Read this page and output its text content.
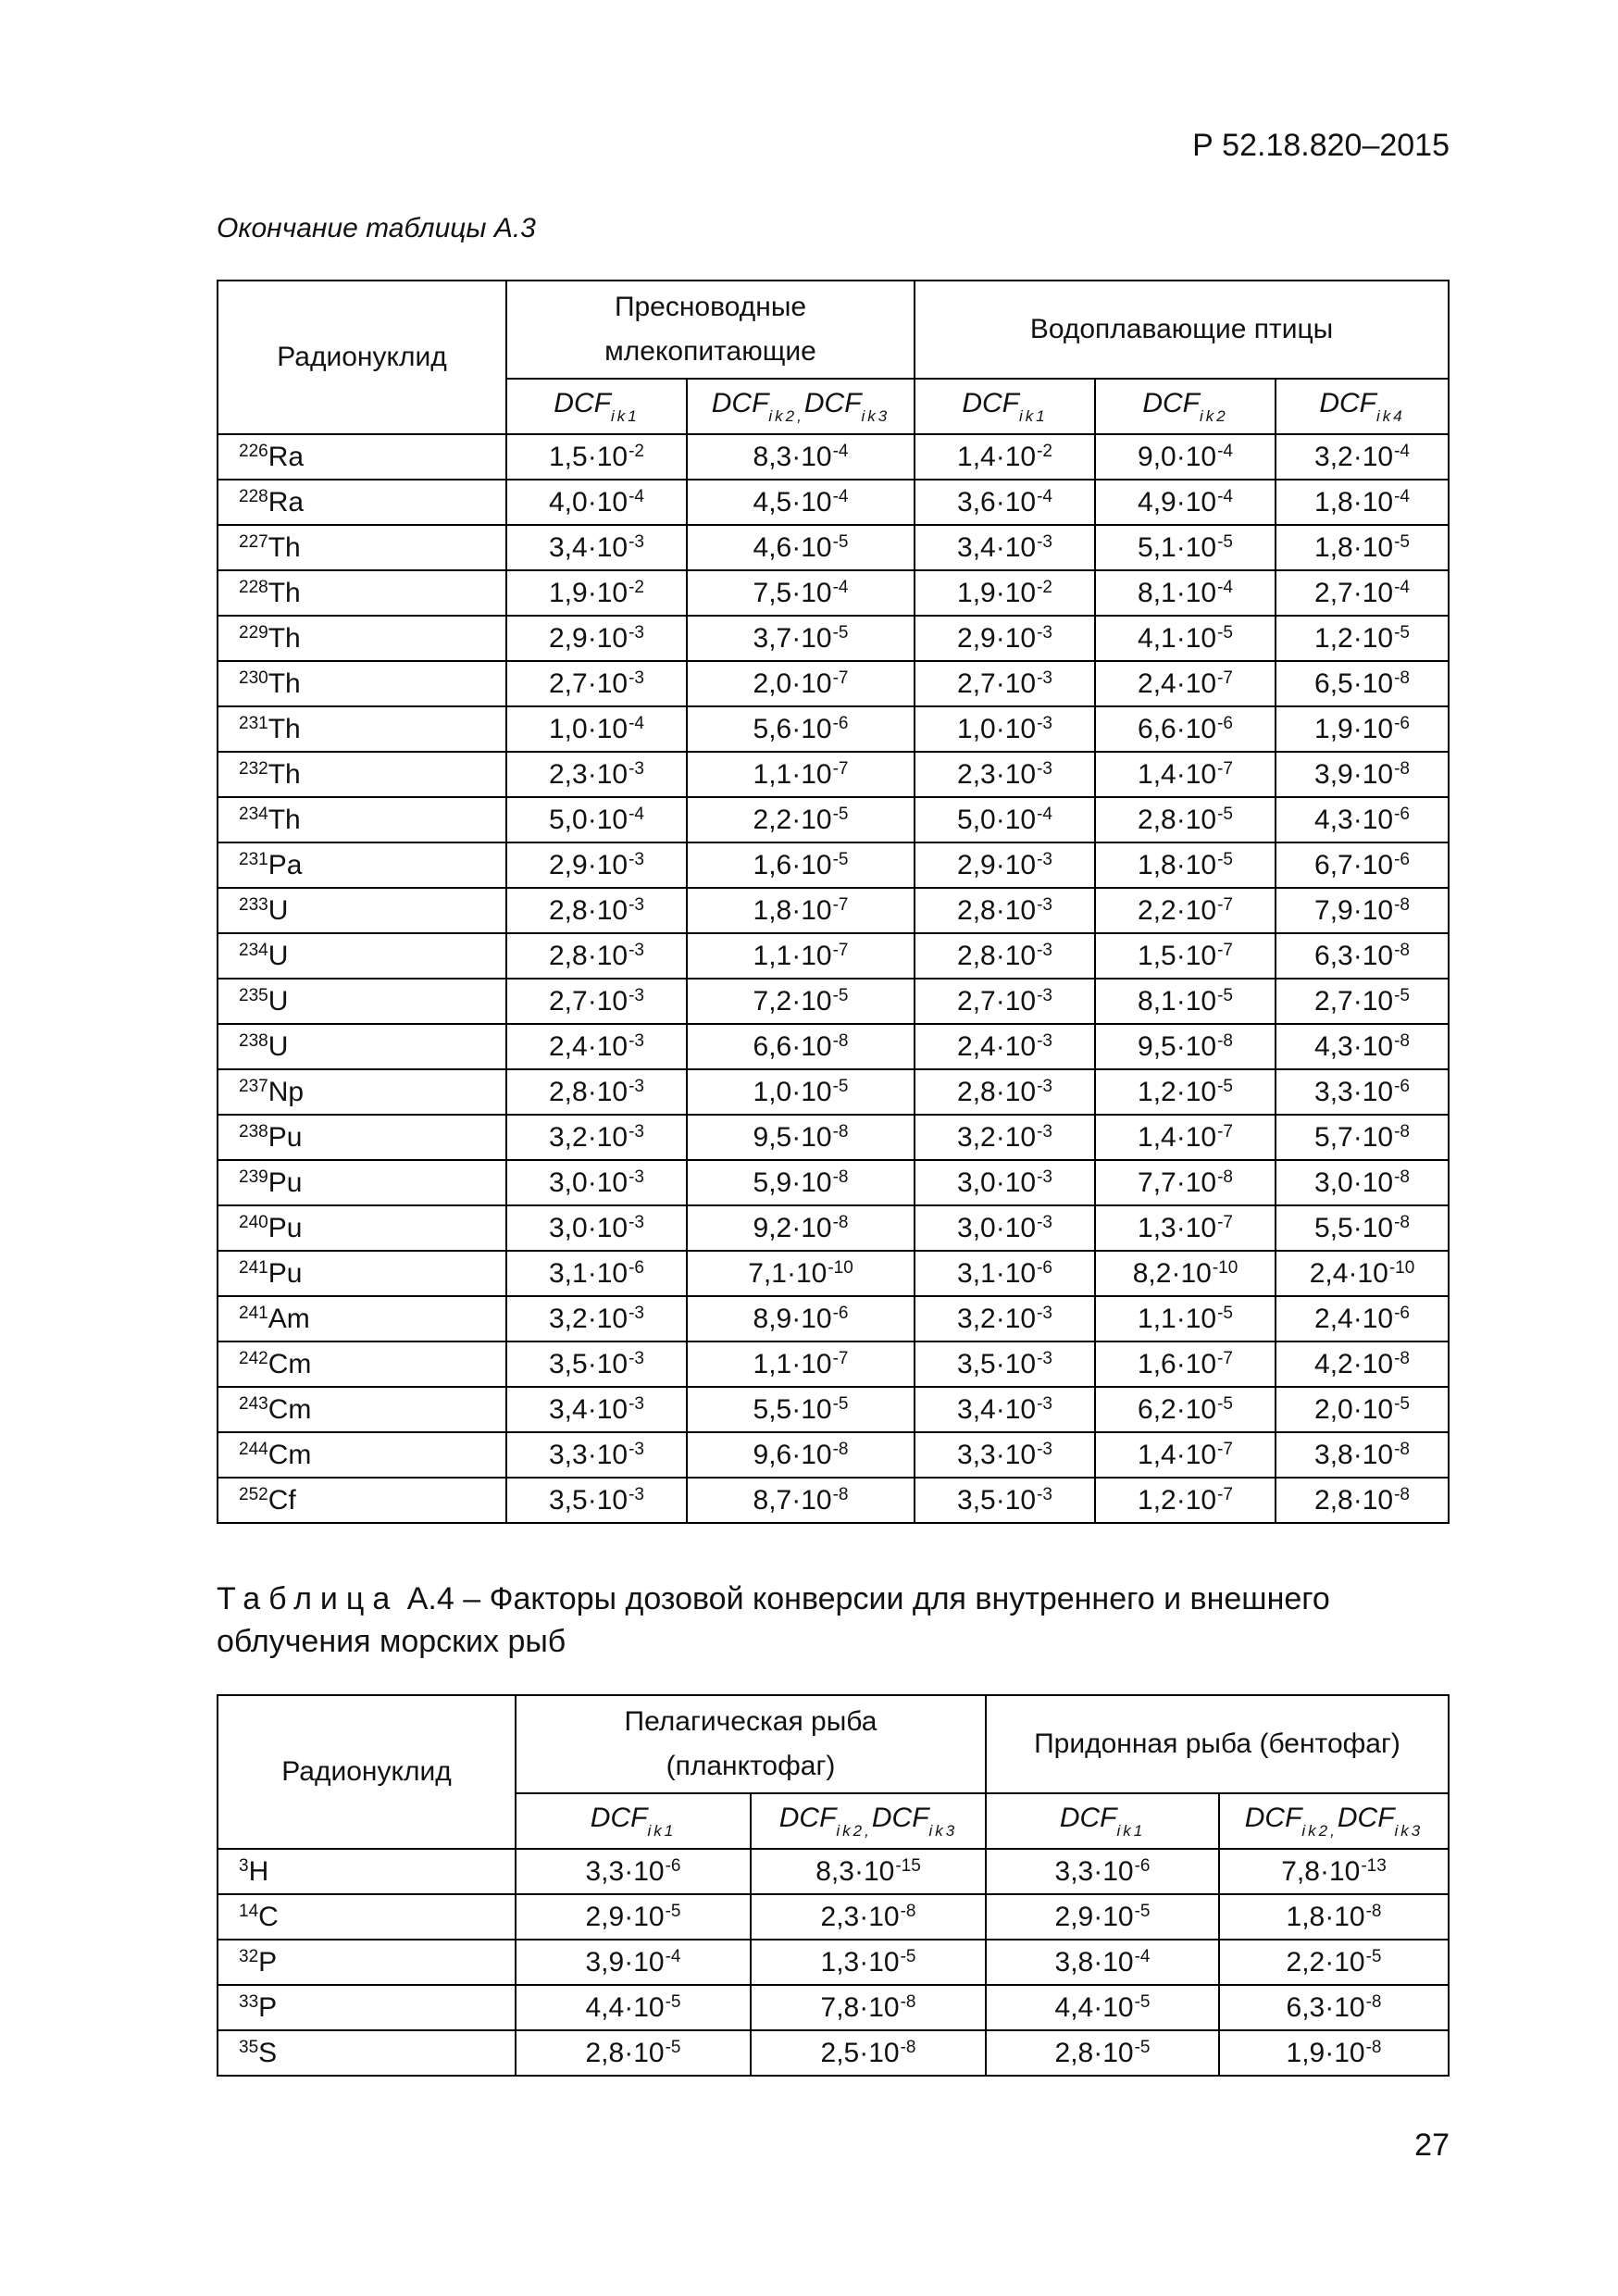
Р 52.18.820–2015
Окончание таблицы А.3
Радионуклид	Пресноводные млекопитающие		Водоплавающие птицы		
	$DCF_{ik1}$	$DCF_{ik2,}DCF_{ik3}$	$DCF_{ik1}$	$DCF_{ik2}$	$DCF_{ik4}$
$^{226}$Ra	$1,5\cdot 10^{-2}$	$8,3\cdot 10^{-4}$	$1,4\cdot 10^{-2}$	$9,0\cdot 10^{-4}$	$3,2\cdot 10^{-4}$
$^{228}$Ra	$4,0\cdot 10^{-4}$	$4,5\cdot 10^{-4}$	$3,6\cdot 10^{-4}$	$4,9\cdot 10^{-4}$	$1,8\cdot 10^{-4}$
$^{227}$Th	$3,4\cdot 10^{-3}$	$4,6\cdot 10^{-5}$	$3,4\cdot 10^{-3}$	$5,1\cdot 10^{-5}$	$1,8\cdot 10^{-5}$
$^{228}$Th	$1,9\cdot 10^{-2}$	$7,5\cdot 10^{-4}$	$1,9\cdot 10^{-2}$	$8,1\cdot 10^{-4}$	$2,7\cdot 10^{-4}$
$^{229}$Th	$2,9\cdot 10^{-3}$	$3,7\cdot 10^{-5}$	$2,9\cdot 10^{-3}$	$4,1\cdot 10^{-5}$	$1,2\cdot 10^{-5}$
$^{230}$Th	$2,7\cdot 10^{-3}$	$2,0\cdot 10^{-7}$	$2,7\cdot 10^{-3}$	$2,4\cdot 10^{-7}$	$6,5\cdot 10^{-8}$
$^{231}$Th	$1,0\cdot 10^{-4}$	$5,6\cdot 10^{-6}$	$1,0\cdot 10^{-3}$	$6,6\cdot 10^{-6}$	$1,9\cdot 10^{-6}$
$^{232}$Th	$2,3\cdot 10^{-3}$	$1,1\cdot 10^{-7}$	$2,3\cdot 10^{-3}$	$1,4\cdot 10^{-7}$	$3,9\cdot 10^{-8}$
$^{234}$Th	$5,0\cdot 10^{-4}$	$2,2\cdot 10^{-5}$	$5,0\cdot 10^{-4}$	$2,8\cdot 10^{-5}$	$4,3\cdot 10^{-6}$
$^{231}$Pa	$2,9\cdot 10^{-3}$	$1,6\cdot 10^{-5}$	$2,9\cdot 10^{-3}$	$1,8\cdot 10^{-5}$	$6,7\cdot 10^{-6}$
$^{233}$U	$2,8\cdot 10^{-3}$	$1,8\cdot 10^{-7}$	$2,8\cdot 10^{-3}$	$2,2\cdot 10^{-7}$	$7,9\cdot 10^{-8}$
$^{234}$U	$2,8\cdot 10^{-3}$	$1,1\cdot 10^{-7}$	$2,8\cdot 10^{-3}$	$1,5\cdot 10^{-7}$	$6,3\cdot 10^{-8}$
$^{235}$U	$2,7\cdot 10^{-3}$	$7,2\cdot 10^{-5}$	$2,7\cdot 10^{-3}$	$8,1\cdot 10^{-5}$	$2,7\cdot 10^{-5}$
$^{238}$U	$2,4\cdot 10^{-3}$	$6,6\cdot 10^{-8}$	$2,4\cdot 10^{-3}$	$9,5\cdot 10^{-8}$	$4,3\cdot 10^{-8}$
$^{237}$Np	$2,8\cdot 10^{-3}$	$1,0\cdot 10^{-5}$	$2,8\cdot 10^{-3}$	$1,2\cdot 10^{-5}$	$3,3\cdot 10^{-6}$
$^{238}$Pu	$3,2\cdot 10^{-3}$	$9,5\cdot 10^{-8}$	$3,2\cdot 10^{-3}$	$1,4\cdot 10^{-7}$	$5,7\cdot 10^{-8}$
$^{239}$Pu	$3,0\cdot 10^{-3}$	$5,9\cdot 10^{-8}$	$3,0\cdot 10^{-3}$	$7,7\cdot 10^{-8}$	$3,0\cdot 10^{-8}$
$^{240}$Pu	$3,0\cdot 10^{-3}$	$9,2\cdot 10^{-8}$	$3,0\cdot 10^{-3}$	$1,3\cdot 10^{-7}$	$5,5\cdot 10^{-8}$
$^{241}$Pu	$3,1\cdot 10^{-6}$	$7,1\cdot 10^{-10}$	$3,1\cdot 10^{-6}$	$8,2\cdot 10^{-10}$	$2,4\cdot 10^{-10}$
$^{241}$Am	$3,2\cdot 10^{-3}$	$8,9\cdot 10^{-6}$	$3,2\cdot 10^{-3}$	$1,1\cdot 10^{-5}$	$2,4\cdot 10^{-6}$
$^{242}$Cm	$3,5\cdot 10^{-3}$	$1,1\cdot 10^{-7}$	$3,5\cdot 10^{-3}$	$1,6\cdot 10^{-7}$	$4,2\cdot 10^{-8}$
$^{243}$Cm	$3,4\cdot 10^{-3}$	$5,5\cdot 10^{-5}$	$3,4\cdot 10^{-3}$	$6,2\cdot 10^{-5}$	$2,0\cdot 10^{-5}$
$^{244}$Cm	$3,3\cdot 10^{-3}$	$9,6\cdot 10^{-8}$	$3,3\cdot 10^{-3}$	$1,4\cdot 10^{-7}$	$3,8\cdot 10^{-8}$
$^{252}$Cf	$3,5\cdot 10^{-3}$	$8,7\cdot 10^{-8}$	$3,5\cdot 10^{-3}$	$1,2\cdot 10^{-7}$	$2,8\cdot 10^{-8}$
Таблица А.4 – Факторы дозовой конверсии для внутреннего и внешнего облучения морских рыб
Радионуклид	Пелагическая рыба (планктофаг)		Придонная рыба (бентофаг)	
	$DCF_{ik1}$	$DCF_{ik2,}DCF_{ik3}$	$DCF_{ik1}$	$DCF_{ik2,}DCF_{ik3}$
$^3$H	$3,3\cdot 10^{-6}$	$8,3\cdot 10^{-15}$	$3,3\cdot 10^{-6}$	$7,8\cdot 10^{-13}$
$^{14}$C	$2,9\cdot 10^{-5}$	$2,3\cdot 10^{-8}$	$2,9\cdot 10^{-5}$	$1,8\cdot 10^{-8}$
$^{32}$P	$3,9\cdot 10^{-4}$	$1,3\cdot 10^{-5}$	$3,8\cdot 10^{-4}$	$2,2\cdot 10^{-5}$
$^{33}$P	$4,4\cdot 10^{-5}$	$7,8\cdot 10^{-8}$	$4,4\cdot 10^{-5}$	$6,3\cdot 10^{-8}$
$^{35}$S	$2,8\cdot 10^{-5}$	$2,5\cdot 10^{-8}$	$2,8\cdot 10^{-5}$	$1,9\cdot 10^{-8}$
27
